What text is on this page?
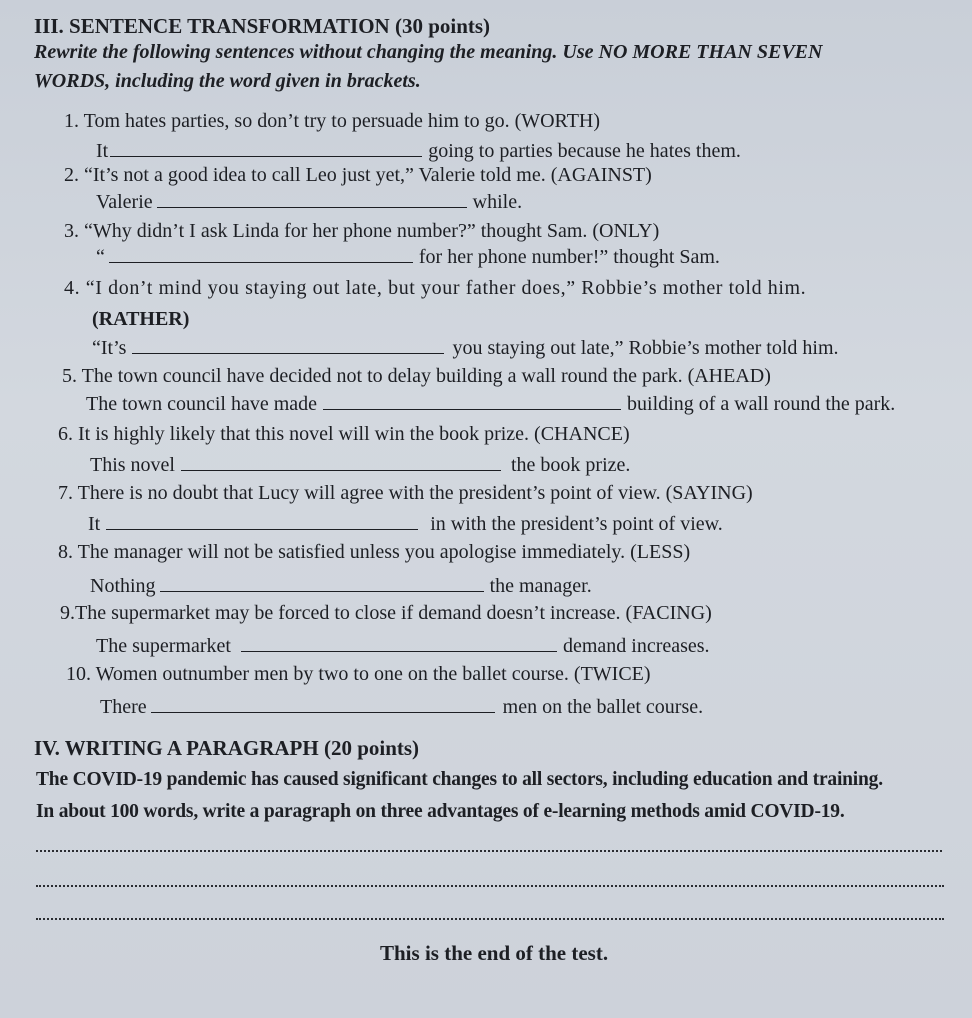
III. SENTENCE TRANSFORMATION (30 points)
Rewrite the following sentences without changing the meaning. Use NO MORE THAN SEVEN
WORDS, including the word given in brackets.
1. Tom hates parties, so don’t try to persuade him to go. (WORTH)
It	going to parties because he hates them.
2. “It’s not a good idea to call Leo just yet,” Valerie told me. (AGAINST)
Valerie	while.
3. “Why didn’t I ask Linda for her phone number?” thought Sam. (ONLY)
“	for her phone number!” thought Sam.
4. “I don’t mind you staying out late, but your father does,” Robbie’s mother told him.
(RATHER)
“It’s	you staying out late,” Robbie’s mother told him.
5. The town council have decided not to delay building a wall round the park. (AHEAD)
The town council have made	building of a wall round the park.
6. It is highly likely that this novel will win the book prize. (CHANCE)
This novel	the book prize.
7. There is no doubt that Lucy will agree with the president’s point of view. (SAYING)
It	in with the president’s point of view.
8. The manager will not be satisfied unless you apologise immediately. (LESS)
Nothing	the manager.
9.The supermarket may be forced to close if demand doesn’t increase. (FACING)
The supermarket	demand increases.
10. Women outnumber men by two to one on the ballet course. (TWICE)
There	men on the ballet course.
IV. WRITING A PARAGRAPH (20 points)
The COVID-19 pandemic has caused significant changes to all sectors, including education and training.
In about 100 words, write a paragraph on three advantages of e-learning methods amid COVID-19.
This is the end of the test.
